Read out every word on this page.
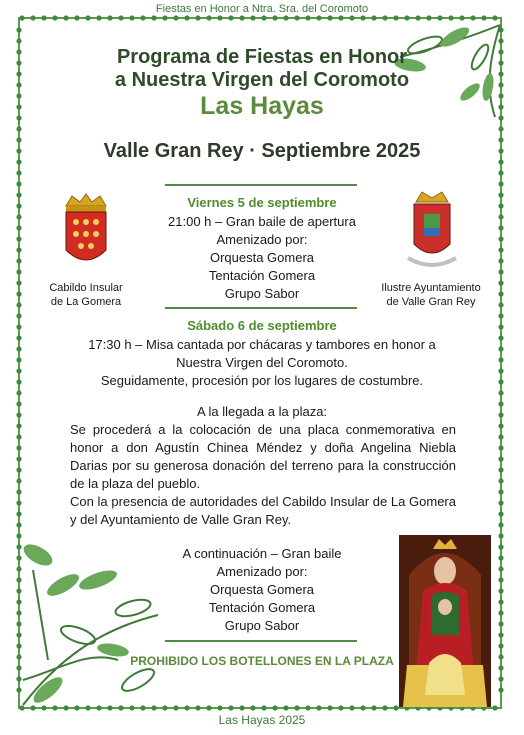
Fiestas en Honor a Ntra. Sra. del Coromoto
Programa de Fiestas en Honor
a Nuestra Virgen del Coromoto
Las Hayas
Valle Gran Rey · Septiembre 2025
Cabildo Insular
de La Gomera
Ilustre Ayuntamiento
de Valle Gran Rey
Viernes 5 de septiembre
21:00 h – Gran baile de apertura
Amenizado por:
Orquesta Gomera
Tentación Gomera
Grupo Sabor
Sábado 6 de septiembre
17:30 h – Misa cantada por chácaras y tambores en honor a
Nuestra Virgen del Coromoto.
Seguidamente, procesión por los lugares de costumbre.
A la llegada a la plaza:
Se procederá a la colocación de una placa conmemorativa en honor a don Agustín Chinea Méndez y doña Angelina Niebla Darias por su generosa donación del terreno para la construcción de la plaza del pueblo.
Con la presencia de autoridades del Cabildo Insular de La Gomera y del Ayuntamiento de Valle Gran Rey.
A continuación – Gran baile
Amenizado por:
Orquesta Gomera
Tentación Gomera
Grupo Sabor
PROHIBIDO LOS BOTELLONES EN LA PLAZA
Las Hayas 2025
